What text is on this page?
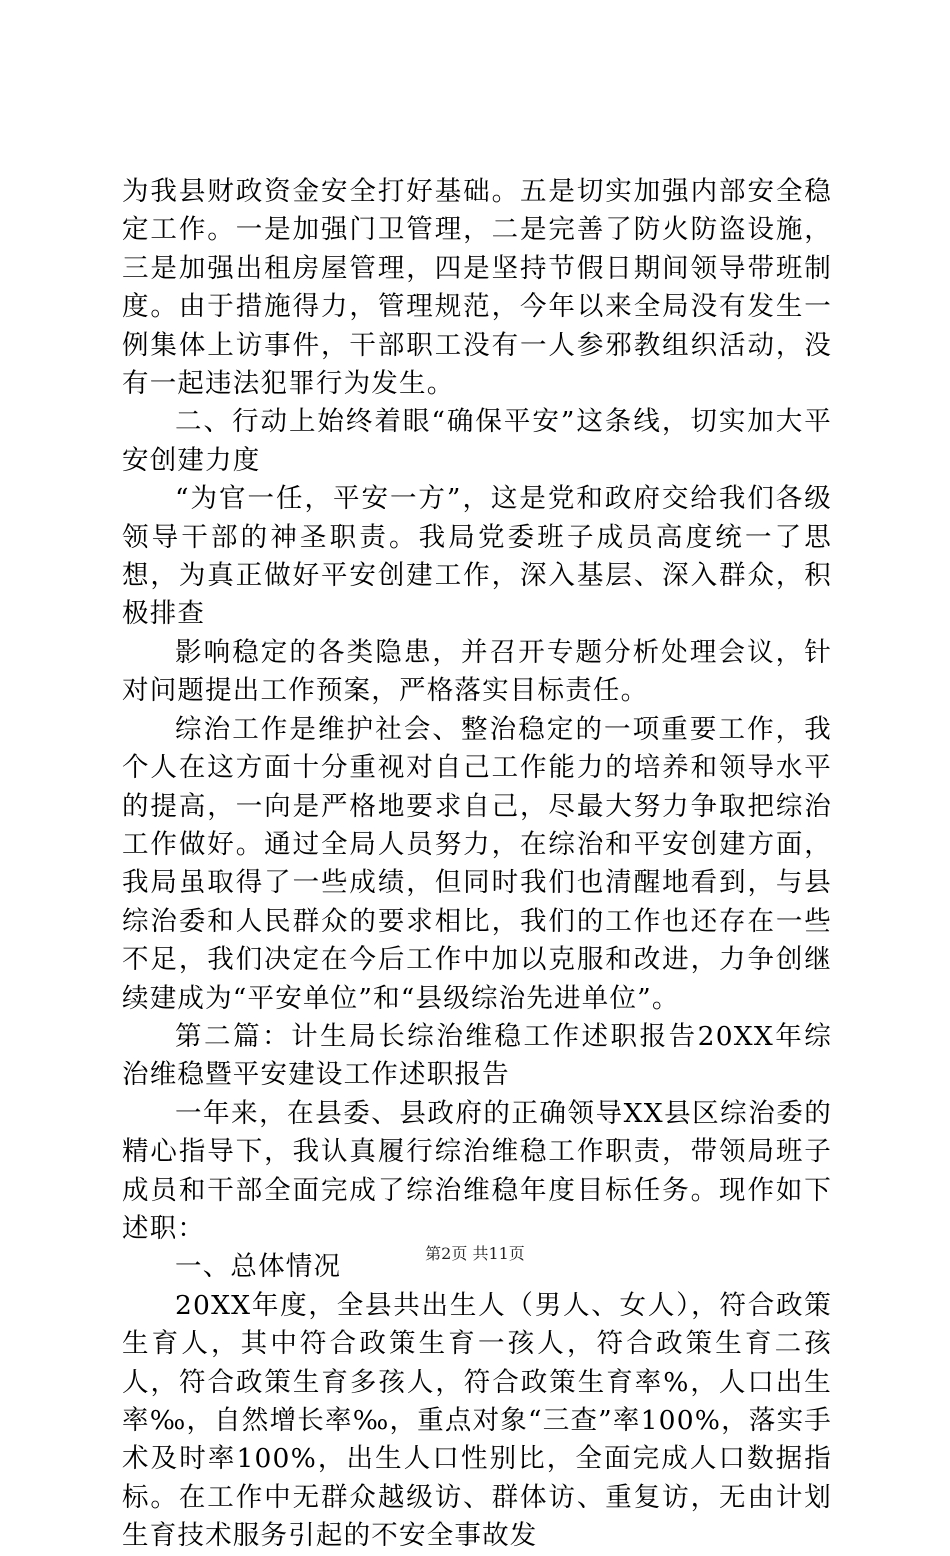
为我县财政资金安全打好基础。五是切实加强内部安全稳定工作。一是加强门卫管理，二是完善了防火防盗设施，三是加强出租房屋管理，四是坚持节假日期间领导带班制度。由于措施得力，管理规范，今年以来全局没有发生一例集体上访事件，干部职工没有一人参邪教组织活动，没有一起违法犯罪行为发生。

二、行动上始终着眼“确保平安”这条线，切实加大平安创建力度

“为官一任，平安一方”，这是党和政府交给我们各级领导干部的神圣职责。我局党委班子成员高度统一了思想，为真正做好平安创建工作，深入基层、深入群众，积极排查

影响稳定的各类隐患，并召开专题分析处理会议，针对问题提出工作预案，严格落实目标责任。

综治工作是维护社会、整治稳定的一项重要工作，我个人在这方面十分重视对自己工作能力的培养和领导水平的提高，一向是严格地要求自己，尽最大努力争取把综治工作做好。通过全局人员努力，在综治和平安创建方面，我局虽取得了一些成绩，但同时我们也清醒地看到，与县综治委和人民群众的要求相比，我们的工作也还存在一些不足，我们决定在今后工作中加以克服和改进，力争创继续建成为“平安单位”和“县级综治先进单位”。

第二篇：计生局长综治维稳工作述职报告20XX年综治维稳暨平安建设工作述职报告

一年来，在县委、县政府的正确领导XX县区综治委的精心指导下，我认真履行综治维稳工作职责，带领局班子成员和干部全面完成了综治维稳年度目标任务。现作如下述职：

一、总体情况

20XX年度，全县共出生人（男人、女人），符合政策生育人，其中符合政策生育一孩人，符合政策生育二孩人，符合政策生育多孩人，符合政策生育率%，人口出生率‰，自然增长率‰，重点对象“三查”率100%，落实手术及时率100%，出生人口性别比，全面完成人口数据指标。在工作中无群众越级访、群体访、重复访，无由计划生育技术服务引起的不安全事故发

第2页 共11页
